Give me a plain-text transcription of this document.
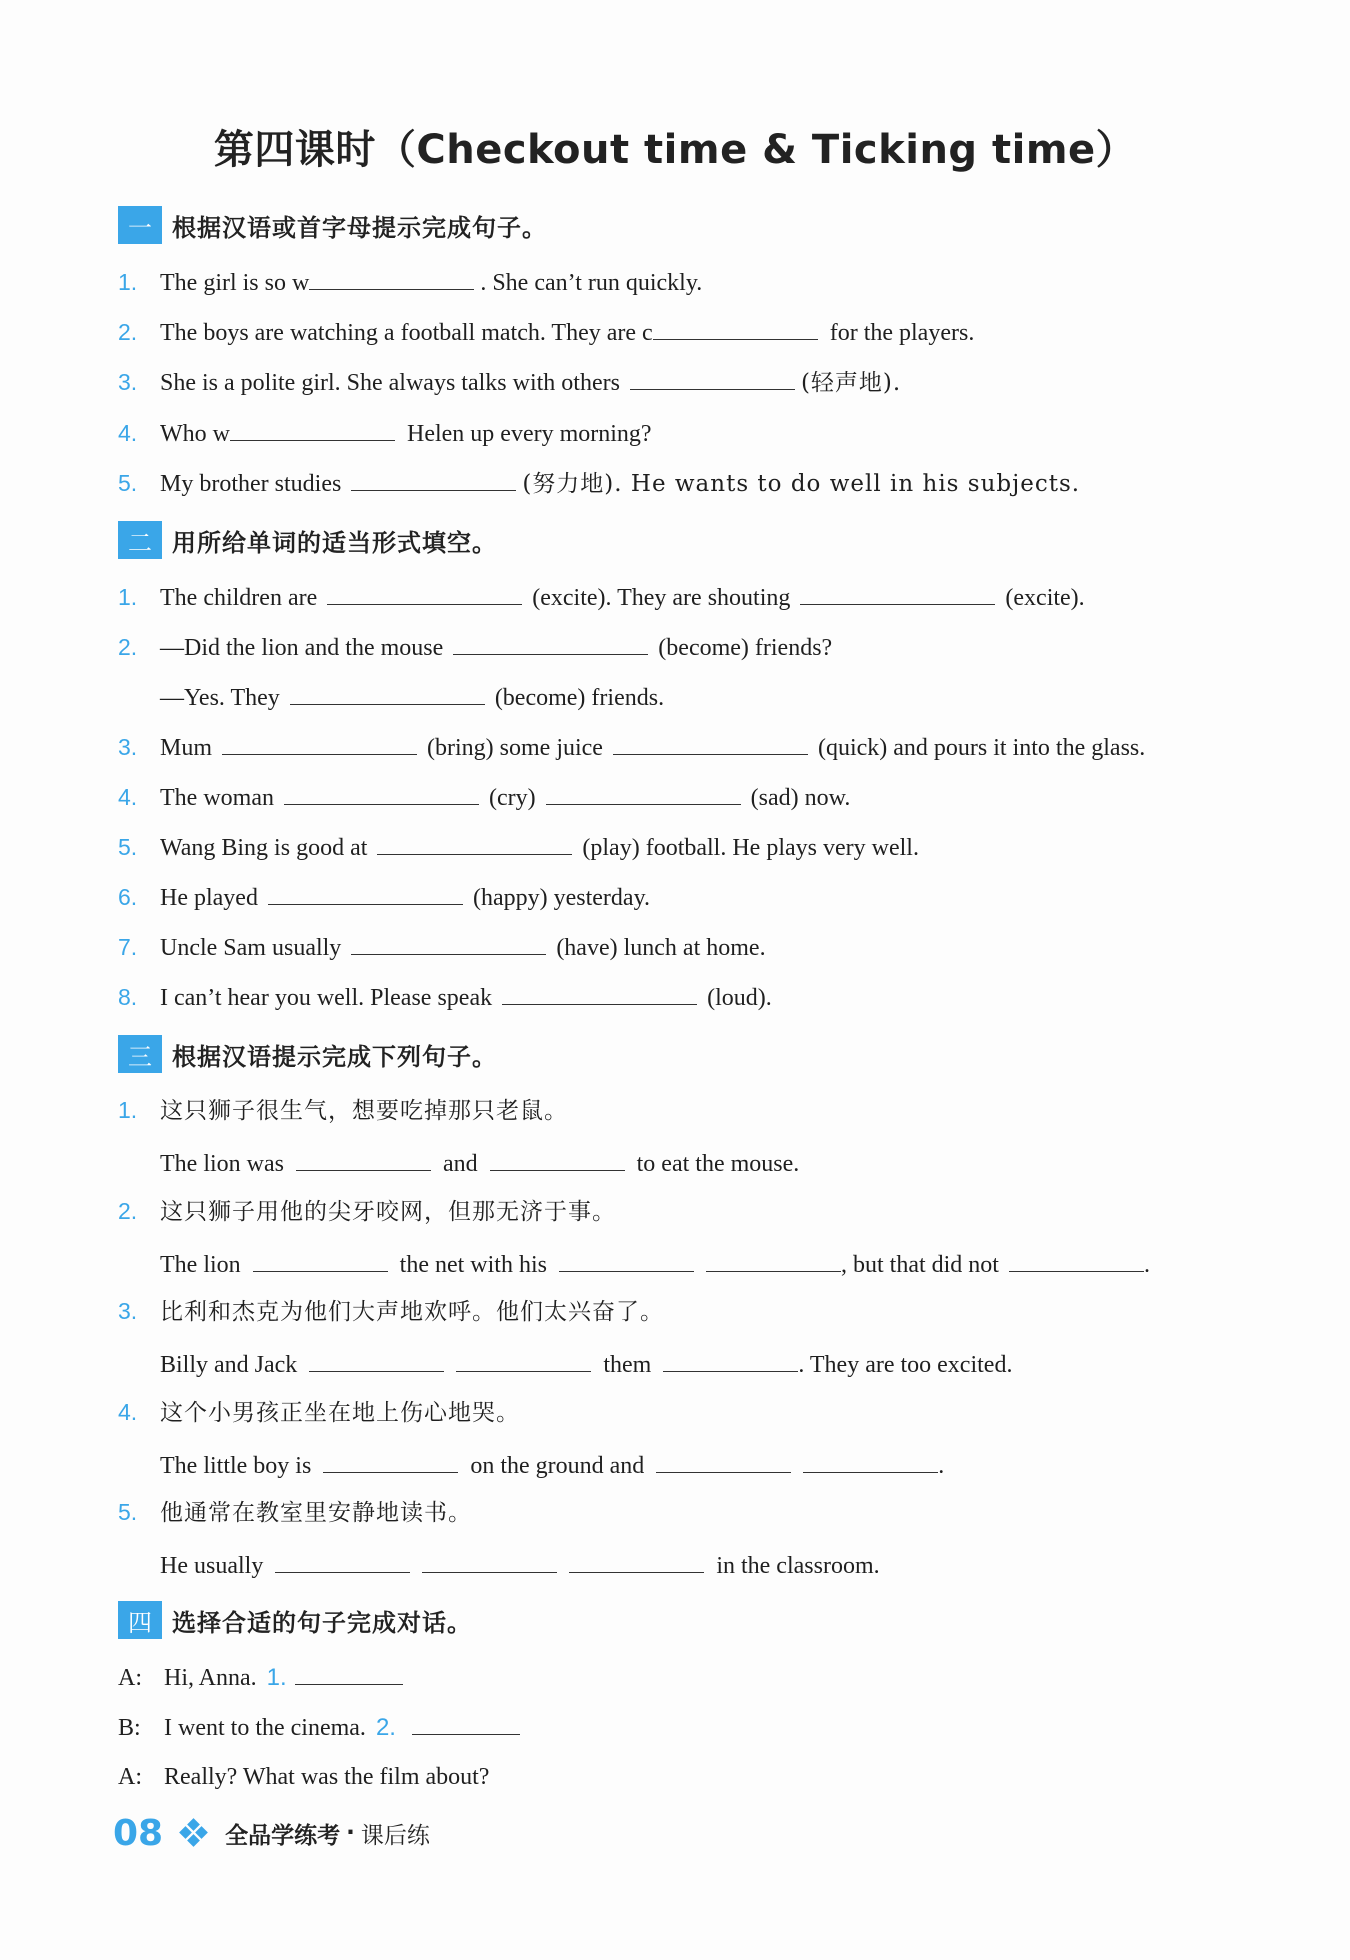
第四课时（Checkout time & Ticking time）
一 根据汉语或首字母提示完成句子。
1. The girl is so w	. She can’t run quickly.
2. The boys are watching a football match. They are c	for the players.
3. She is a polite girl. She always talks with others	(轻声地).
4. Who w	Helen up every morning?
5. My brother studies	(努力地). He wants to do well in his subjects.
二 用所给单词的适当形式填空。
1. The children are	(excite). They are shouting	(excite).
2. —Did the lion and the mouse	(become) friends?
—Yes. They	(become) friends.
3. Mum	(bring) some juice	(quick) and pours it into the glass.
4. The woman	(cry)	(sad) now.
5. Wang Bing is good at	(play) football. He plays very well.
6. He played	(happy) yesterday.
7. Uncle Sam usually	(have) lunch at home.
8. I can’t hear you well. Please speak	(loud).
三 根据汉语提示完成下列句子。
1. 这只狮子很生气，想要吃掉那只老鼠。
The lion was	and	to eat the mouse.
2. 这只狮子用他的尖牙咬网，但那无济于事。
The lion	the net with his	, but that did not	.
3. 比利和杰克为他们大声地欢呼。他们太兴奋了。
Billy and Jack	them	. They are too excited.
4. 这个小男孩正坐在地上伤心地哭。
The little boy is	on the ground and	.
5. 他通常在教室里安静地读书。
He usually	in the classroom.
四 选择合适的句子完成对话。
A: Hi, Anna. 1.
B: I went to the cinema. 2.
A: Really? What was the film about?
08	全品学练考 · 课后练
